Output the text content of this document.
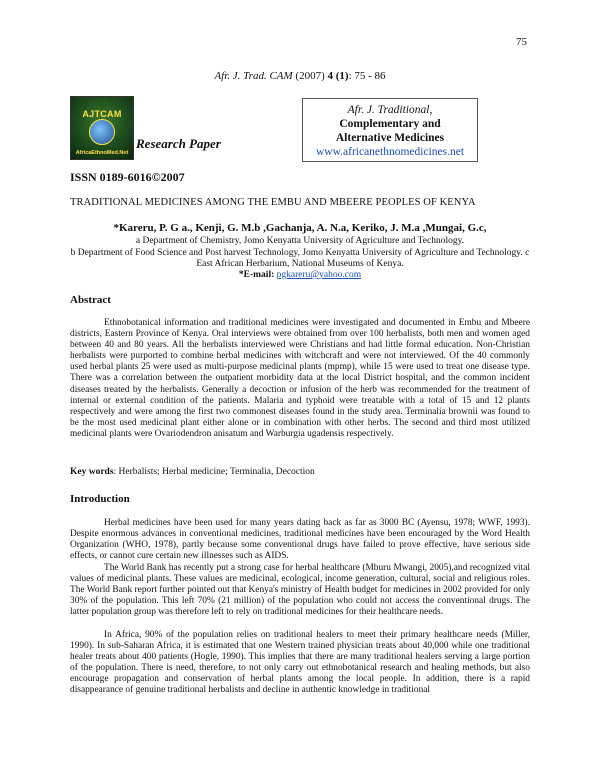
75
Afr. J. Trad. CAM (2007) 4 (1): 75 - 86
AJTCAM
AfricaEthnoMed.Net
Research Paper
Afr. J. Traditional,
Complementary and
Alternative Medicines
www.africanethnomedicines.net
ISSN 0189-6016©2007
TRADITIONAL MEDICINES AMONG THE EMBU AND MBEERE PEOPLES OF KENYA
*Kareru, P. G a., Kenji, G. M.b ,Gachanja, A. N.a, Keriko, J. M.a ,Mungai, G.c,
a Department of Chemistry, Jomo Kenyatta University of Agriculture and Technology.
b Department of Food Science and Post harvest Technology, Jomo Kenyatta University of Agriculture and Technology. c East African Herbarium, National Museums of Kenya.
*E-mail: pgkareru@yahoo.com
Abstract
Ethnobotanical information and traditional medicines were investigated and documented in Embu and Mbeere districts, Eastern Province of Kenya. Oral interviews were obtained from over 100 herbalists, both men and women aged between 40 and 80 years. All the herbalists interviewed were Christians and had little formal education. Non-Christian herbalists were purported to combine herbal medicines with witchcraft and were not interviewed. Of the 40 commonly used herbal plants 25 were used as multi-purpose medicinal plants (mpmp), while 15 were used to treat one disease type. There was a correlation between the outpatient morbidity data at the local District hospital, and the common incident diseases treated by the herbalists. Generally a decoction or infusion of the herb was recommended for the treatment of internal or external condition of the patients. Malaria and typhoid were treatable with a total of 15 and 12 plants respectively and were among the first two commonest diseases found in the study area. Terminalia brownii was found to be the most used medicinal plant either alone or in combination with other herbs. The second and third most utilized medicinal plants were Ovariodendron anisatum and Warburgia ugadensis respectively.
Key words: Herbalists; Herbal medicine; Terminalia, Decoction
Introduction
Herbal medicines have been used for many years dating back as far as 3000 BC (Ayensu, 1978; WWF, 1993). Despite enormous advances in conventional medicines, traditional medicines have been encouraged by the Word Health Organization (WHO, 1978), partly because some conventional drugs have failed to prove effective, have serious side effects, or cannot cure certain new illnesses such as AIDS.
The World Bank has recently put a strong case for herbal healthcare (Mburu Mwangi, 2005),and recognized vital values of medicinal plants. These values are medicinal, ecological, income generation, cultural, social and religious roles. The World Bank report further pointed out that Kenya's ministry of Health budget for medicines in 2002 provided for only 30% of the population. This left 70% (21 million) of the population who could not access the conventional drugs. The latter population group was therefore left to rely on traditional medicines for their healthcare needs.
In Africa, 90% of the population relies on traditional healers to meet their primary healthcare needs (Miller, 1990). In sub-Saharan Africa, it is estimated that one Western trained physician treats about 40,000 while one traditional healer treats about 400 patients (Hogle, 1990). This implies that there are many traditional healers serving a large portion of the population. There is need, therefore, to not only carry out ethnobotanical research and healing methods, but also encourage propagation and conservation of herbal plants among the local people. In addition, there is a rapid disappearance of genuine traditional herbalists and decline in authentic knowledge in traditional
